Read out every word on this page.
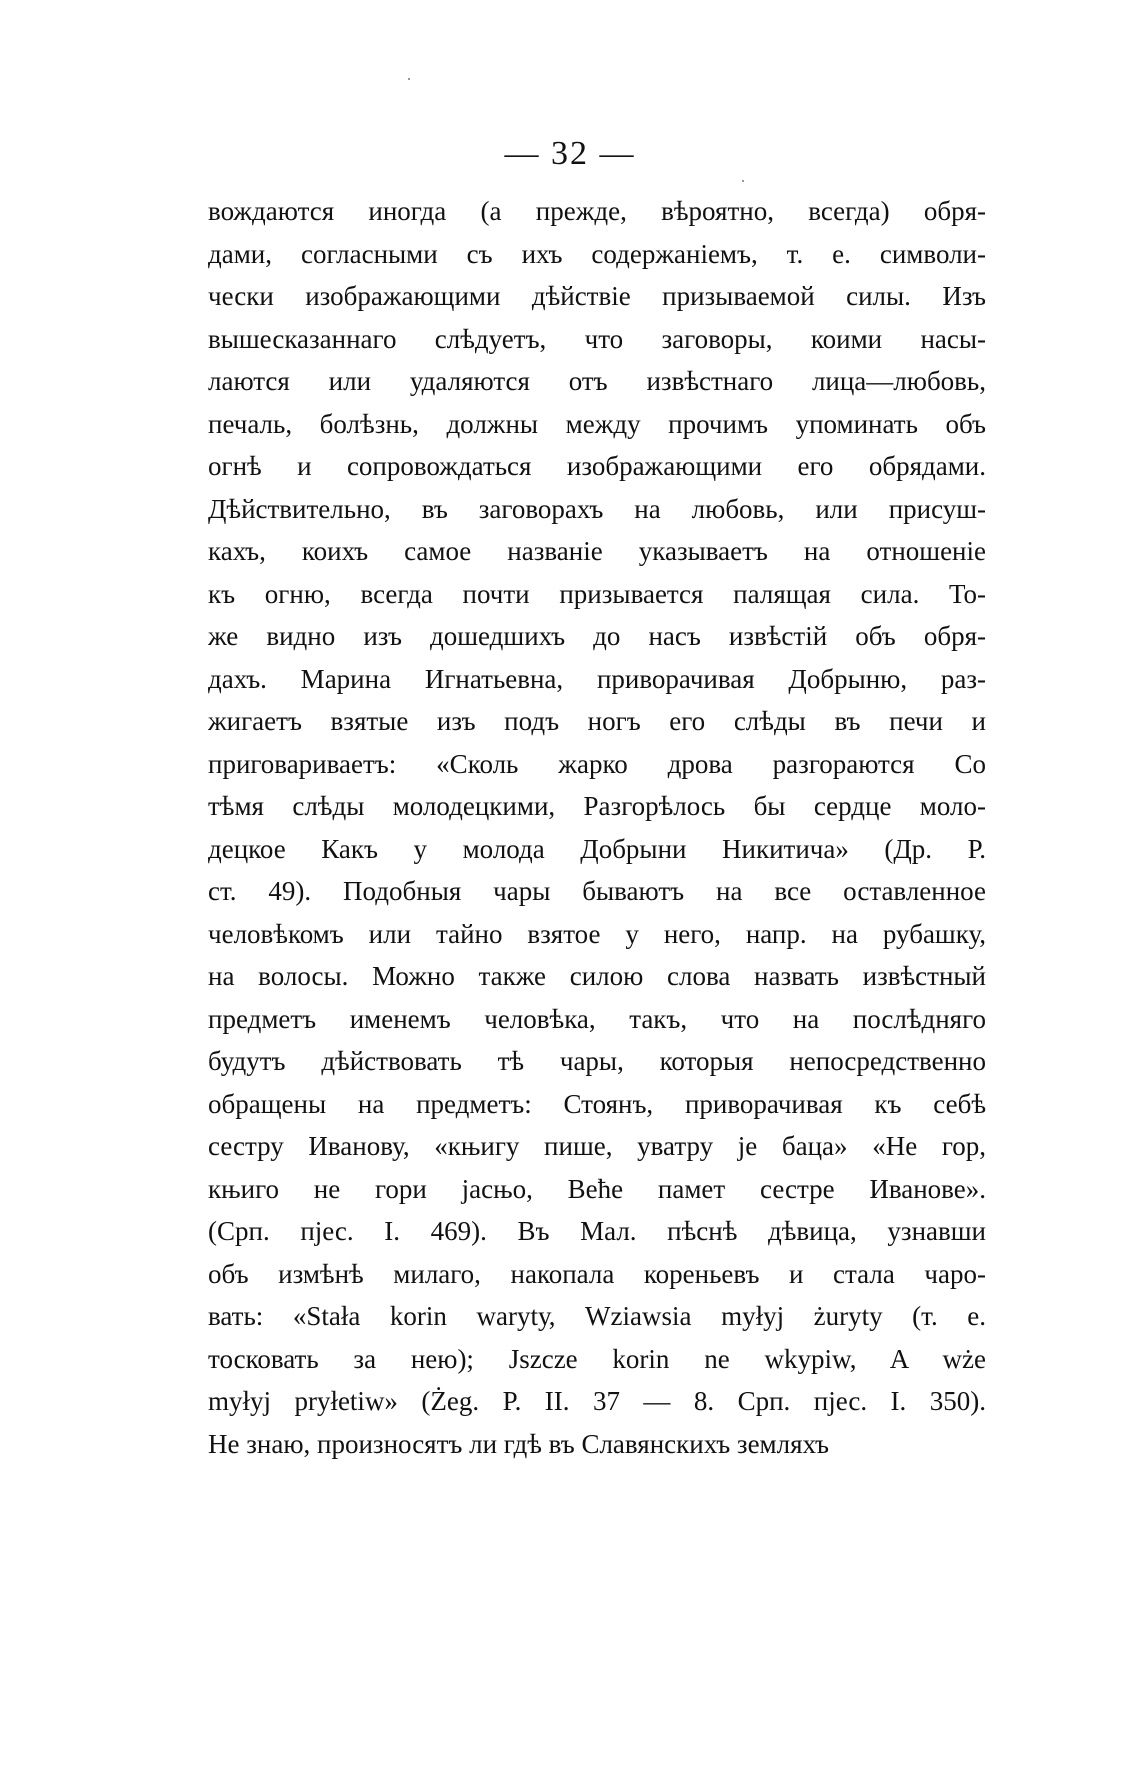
— 32 —
вождаются иногда (а прежде, вѣроятно, всегда) обря-
дами, согласными съ ихъ содержаніемъ, т. е. символи-
чески изображающими дѣйствіе призываемой силы. Изъ
вышесказаннаго слѣдуетъ, что заговоры, коими насы-
лаются или удаляются отъ извѣстнаго лица—любовь,
печаль, болѣзнь, должны между прочимъ упоминать объ
огнѣ и сопровождаться изображающими его обрядами.
Дѣйствительно, въ заговорахъ на любовь, или присуш-
кахъ, коихъ самое названіе указываетъ на отношеніе
къ огню, всегда почти призывается палящая сила. То-
же видно изъ дошедшихъ до насъ извѣстій объ обря-
дахъ. Марина Игнатьевна, приворачивая Добрыню, раз-
жигаетъ взятые изъ подъ ногъ его слѣды въ печи и
приговариваетъ: «Сколь жарко дрова разгораются Со
тѣмя слѣды молодецкими, Разгорѣлось бы сердце моло-
децкое Какъ у молода Добрыни Никитича» (Др. Р.
ст. 49). Подобныя чары бываютъ на все оставленное
человѣкомъ или тайно взятое у него, напр. на рубашку,
на волосы. Можно также силою слова назвать извѣстный
предметъ именемъ человѣка, такъ, что на послѣдняго
будутъ дѣйствовать тѣ чары, которыя непосредственно
обращены на предметъ: Стоянъ, приворачивая къ себѣ
сестру Иванову, «књигу пише, уватру је баца» «Не гор,
књиго не гори јасњо, Веће памет сестре Иванове».
(Срп. пјес. I. 469). Въ Мал. пѣснѣ дѣвица, узнавши
объ измѣнѣ милаго, накопала кореньевъ и стала чаро-
вать: «Stała korin warytу, Wziawsia myłyj żurуtу (т. е.
тосковать за нею); Jszcze korin ne wkypiw, A wże
myłyj pryłetiw» (Żeg. P. II. 37 — 8. Срп. пјес. I. 350).
Не знаю, произносятъ ли гдѣ въ Славянскихъ земляхъ
